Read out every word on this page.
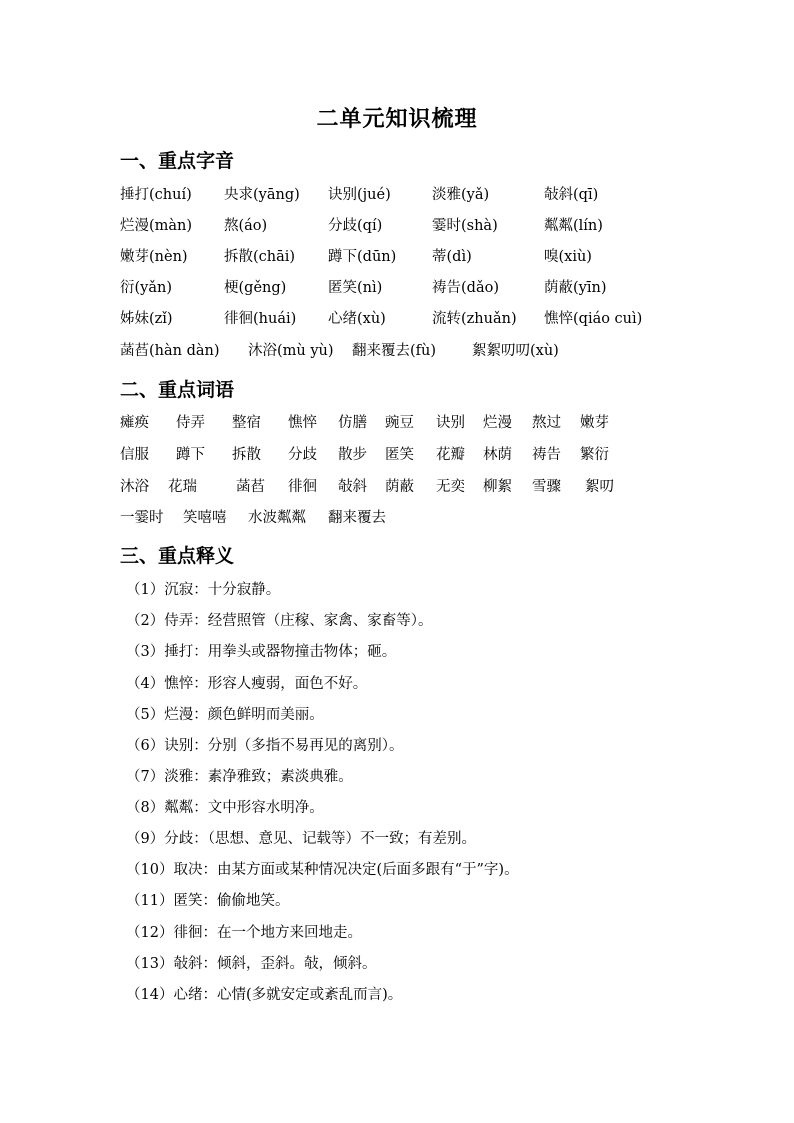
二单元知识梳理
一、重点字音
捶打(chuí) 央求(yāng) 诀别(jué)	淡雅(yǎ)	敧斜(qī)
烂漫(màn) 熬(áo)	分歧(qí)	霎时(shà)	粼粼(lín)
嫩芽(nèn)	拆散(chāi) 蹲下(dūn) 蒂(dì)	嗅(xiù)
衍(yǎn)	梗(gěng)	匿笑(nì)	祷告(dǎo)	荫蔽(yīn)
姊妹(zǐ)	徘徊(huái) 心绪(xù)	流转(zhuǎn) 憔悴(qiáo cuì)
菡萏(hàn dàn) 沐浴(mù yù) 翻来覆去(fù) 絮絮叨叨(xù)
二、重点词语
瘫痪 侍弄 整宿 憔悴 仿膳 豌豆 诀别 烂漫 熬过 嫩芽
信服 蹲下 拆散 分歧 散步 匿笑 花瓣 林荫 祷告 繁衍
沐浴 花瑞	菡萏 徘徊 敧斜 荫蔽 无奕 柳絮 雪骤 絮叨
一霎时 笑嘻嘻 水波粼粼 翻来覆去
三、重点释义
（1）沉寂：十分寂静。
（2）侍弄：经营照管（庄稼、家禽、家畜等）。
（3）捶打：用拳头或器物撞击物体；砸。
（4）憔悴：形容人瘦弱，面色不好。
（5）烂漫：颜色鲜明而美丽。
（6）诀别：分别（多指不易再见的离别）。
（7）淡雅：素净雅致；素淡典雅。
（8）粼粼：文中形容水明净。
（9）分歧：（思想、意见、记载等）不一致；有差别。
（10）取决：由某方面或某种情况决定(后面多跟有“于”字)。
（11）匿笑：偷偷地笑。
（12）徘徊：在一个地方来回地走。
（13）敧斜：倾斜，歪斜。敧，倾斜。
（14）心绪：心情(多就安定或紊乱而言)。
